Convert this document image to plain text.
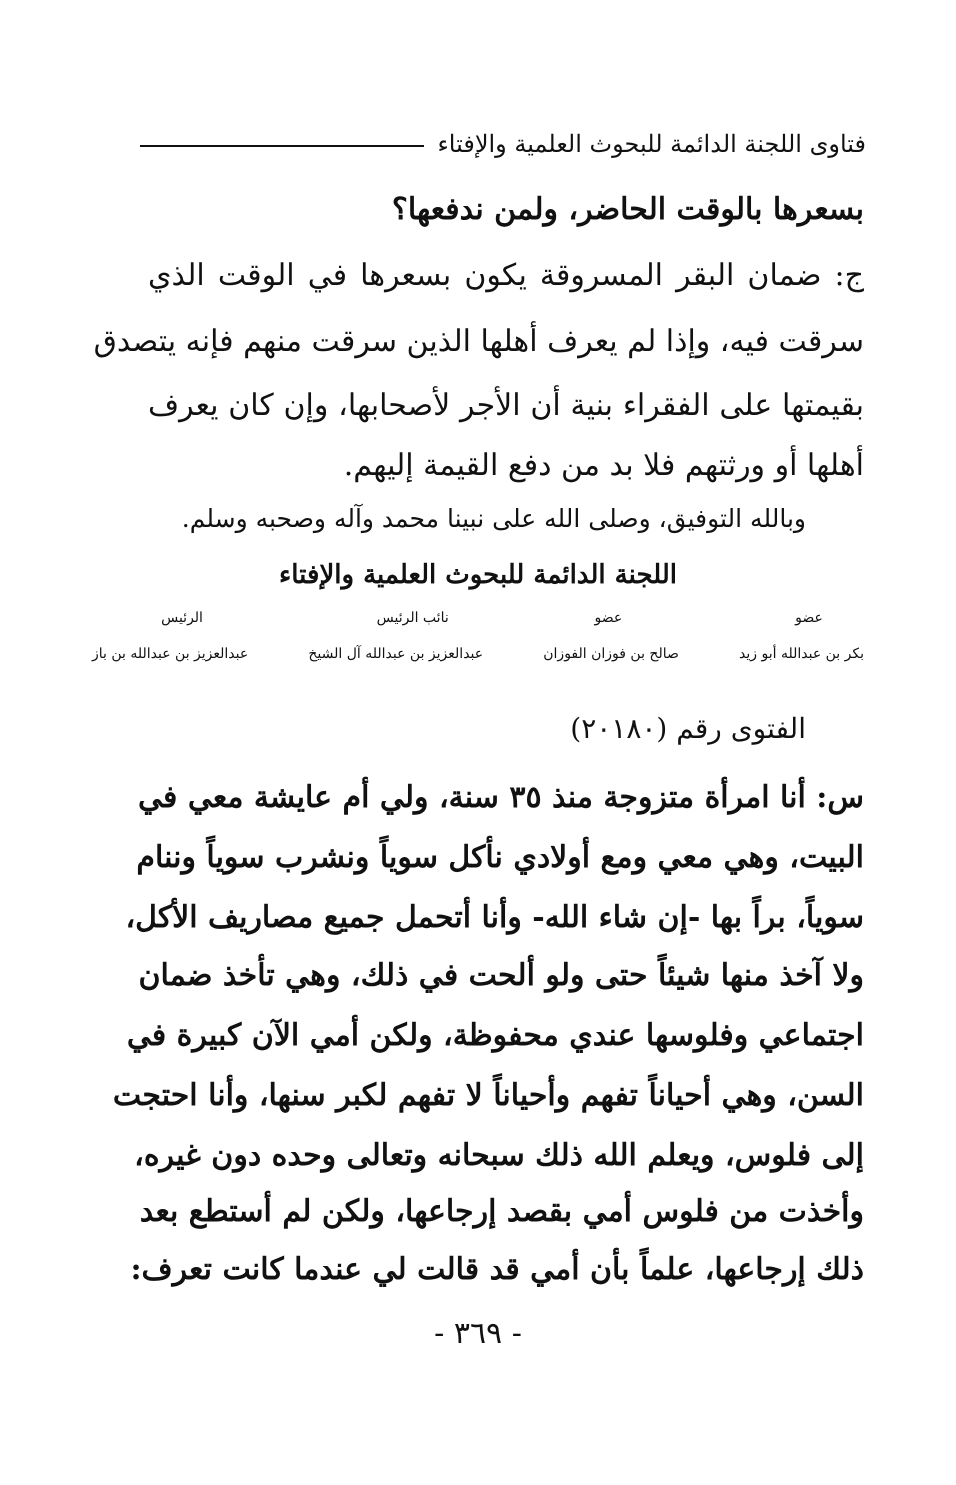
فتاوى اللجنة الدائمة للبحوث العلمية والإفتاء
بسعرها بالوقت الحاضر، ولمن ندفعها؟
ج: ضمان البقر المسروقة يكون بسعرها في الوقت الذي
سرقت فيه، وإذا لم يعرف أهلها الذين سرقت منهم فإنه يتصدق
بقيمتها على الفقراء بنية أن الأجر لأصحابها، وإن كان يعرف
أهلها أو ورثتهم فلا بد من دفع القيمة إليهم.
وبالله التوفيق، وصلى الله على نبينا محمد وآله وصحبه وسلم.
اللجنة الدائمة للبحوث العلمية والإفتاء
عضو
عضو
نائب الرئيس
الرئيس
بكر بن عبدالله أبو زيد
صالح بن فوزان الفوزان
عبدالعزيز بن عبدالله آل الشيخ
عبدالعزيز بن عبدالله بن باز
الفتوى رقم (٢٠١٨٠)
س: أنا امرأة متزوجة منذ ٣٥ سنة، ولي أم عايشة معي في
البيت، وهي معي ومع أولادي نأكل سوياً ونشرب سوياً وننام
سوياً، براً بها -إن شاء الله- وأنا أتحمل جميع مصاريف الأكل،
ولا آخذ منها شيئاً حتى ولو ألحت في ذلك، وهي تأخذ ضمان
اجتماعي وفلوسها عندي محفوظة، ولكن أمي الآن كبيرة في
السن، وهي أحياناً تفهم وأحياناً لا تفهم لكبر سنها، وأنا احتجت
إلى فلوس، ويعلم الله ذلك سبحانه وتعالى وحده دون غيره،
وأخذت من فلوس أمي بقصد إرجاعها، ولكن لم أستطع بعد
ذلك إرجاعها، علماً بأن أمي قد قالت لي عندما كانت تعرف:
- ٣٦٩ -
